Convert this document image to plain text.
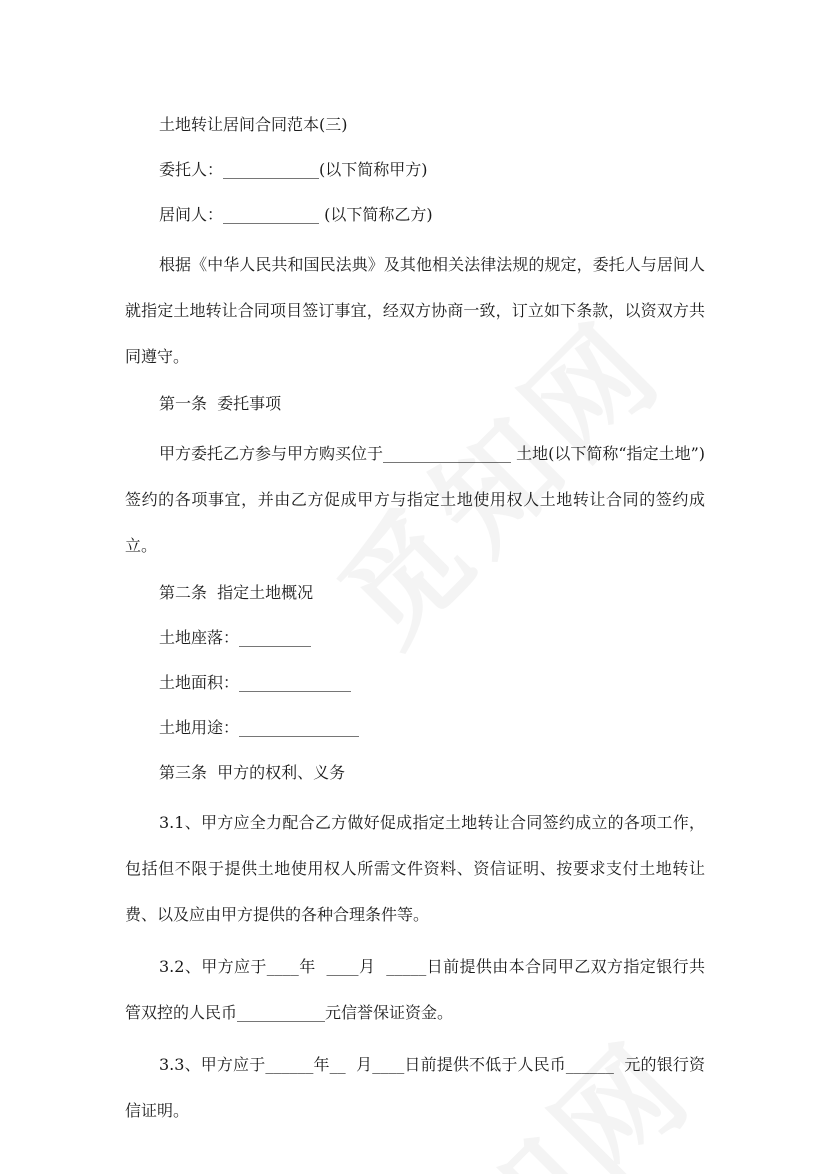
土地转让居间合同范本(三)

委托人：____________(以下简称甲方)

居间人：____________ (以下简称乙方)

根据《中华人民共和国民法典》及其他相关法律法规的规定，委托人与居间人就指定土地转让合同项目签订事宜，经双方协商一致，订立如下条款，以资双方共同遵守。

第一条  委托事项

甲方委托乙方参与甲方购买位于________________ 土地(以下简称“指定土地”)签约的各项事宜，并由乙方促成甲方与指定土地使用权人土地转让合同的签约成立。

第二条  指定土地概况

土地座落：_________

土地面积：______________

土地用途：_______________

第三条  甲方的权利、义务

3.1、甲方应全力配合乙方做好促成指定土地转让合同签约成立的各项工作，包括但不限于提供土地使用权人所需文件资料、资信证明、按要求支付土地转让费、以及应由甲方提供的各种合理条件等。

3.2、甲方应于____年  ____月  _____日前提供由本合同甲乙双方指定银行共管双控的人民币___________元信誉保证资金。

3.3、甲方应于______年__  月____日前提供不低于人民币______  元的银行资信证明。
